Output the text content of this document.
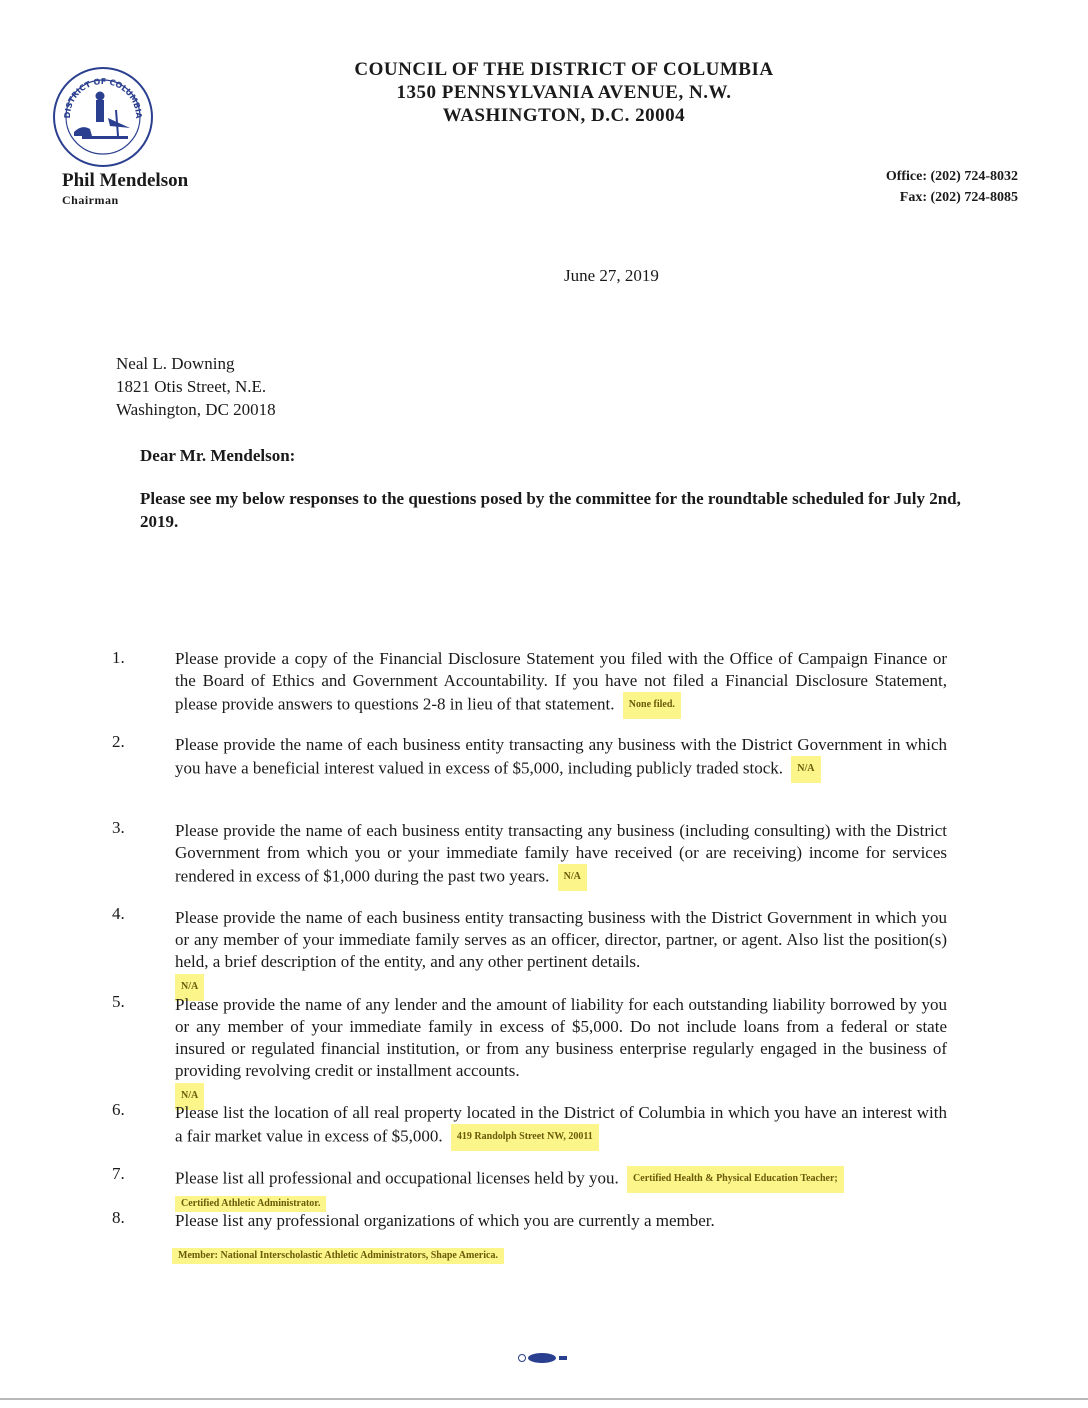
DISTRICT OF COLUMBIA
COUNCIL OF THE DISTRICT OF COLUMBIA
1350 PENNSYLVANIA AVENUE, N.W.
WASHINGTON, D.C. 20004
Phil Mendelson
Chairman
Office: (202) 724-8032
Fax: (202) 724-8085
June 27, 2019
Neal L. Downing
1821 Otis Street, N.E.
Washington, DC 20018
Dear Mr. Mendelson:
Please see my below responses to the questions posed by the committee for the roundtable scheduled for July 2nd, 2019.
1.	Please provide a copy of the Financial Disclosure Statement you filed with the Office of Campaign Finance or the Board of Ethics and Government Accountability. If you have not filed a Financial Disclosure Statement, please provide answers to questions 2-8 in lieu of that statement. None filed.
2.	Please provide the name of each business entity transacting any business with the District Government in which you have a beneficial interest valued in excess of $5,000, including publicly traded stock. N/A
3.	Please provide the name of each business entity transacting any business (including consulting) with the District Government from which you or your immediate family have received (or are receiving) income for services rendered in excess of $1,000 during the past two years. N/A
4.	Please provide the name of each business entity transacting business with the District Government in which you or any member of your immediate family serves as an officer, director, partner, or agent. Also list the position(s) held, a brief description of the entity, and any other pertinent details.
N/A
5.	Please provide the name of any lender and the amount of liability for each outstanding liability borrowed by you or any member of your immediate family in excess of $5,000. Do not include loans from a federal or state insured or regulated financial institution, or from any business enterprise regularly engaged in the business of providing revolving credit or installment accounts.
N/A
6.	Please list the location of all real property located in the District of Columbia in which you have an interest with a fair market value in excess of $5,000. 419 Randolph Street NW, 20011
7.	Please list all professional and occupational licenses held by you. Certified Health & Physical Education Teacher;
Certified Athletic Administrator.
8.	Please list any professional organizations of which you are currently a member.
Member: National Interscholastic Athletic Administrators, Shape America.
